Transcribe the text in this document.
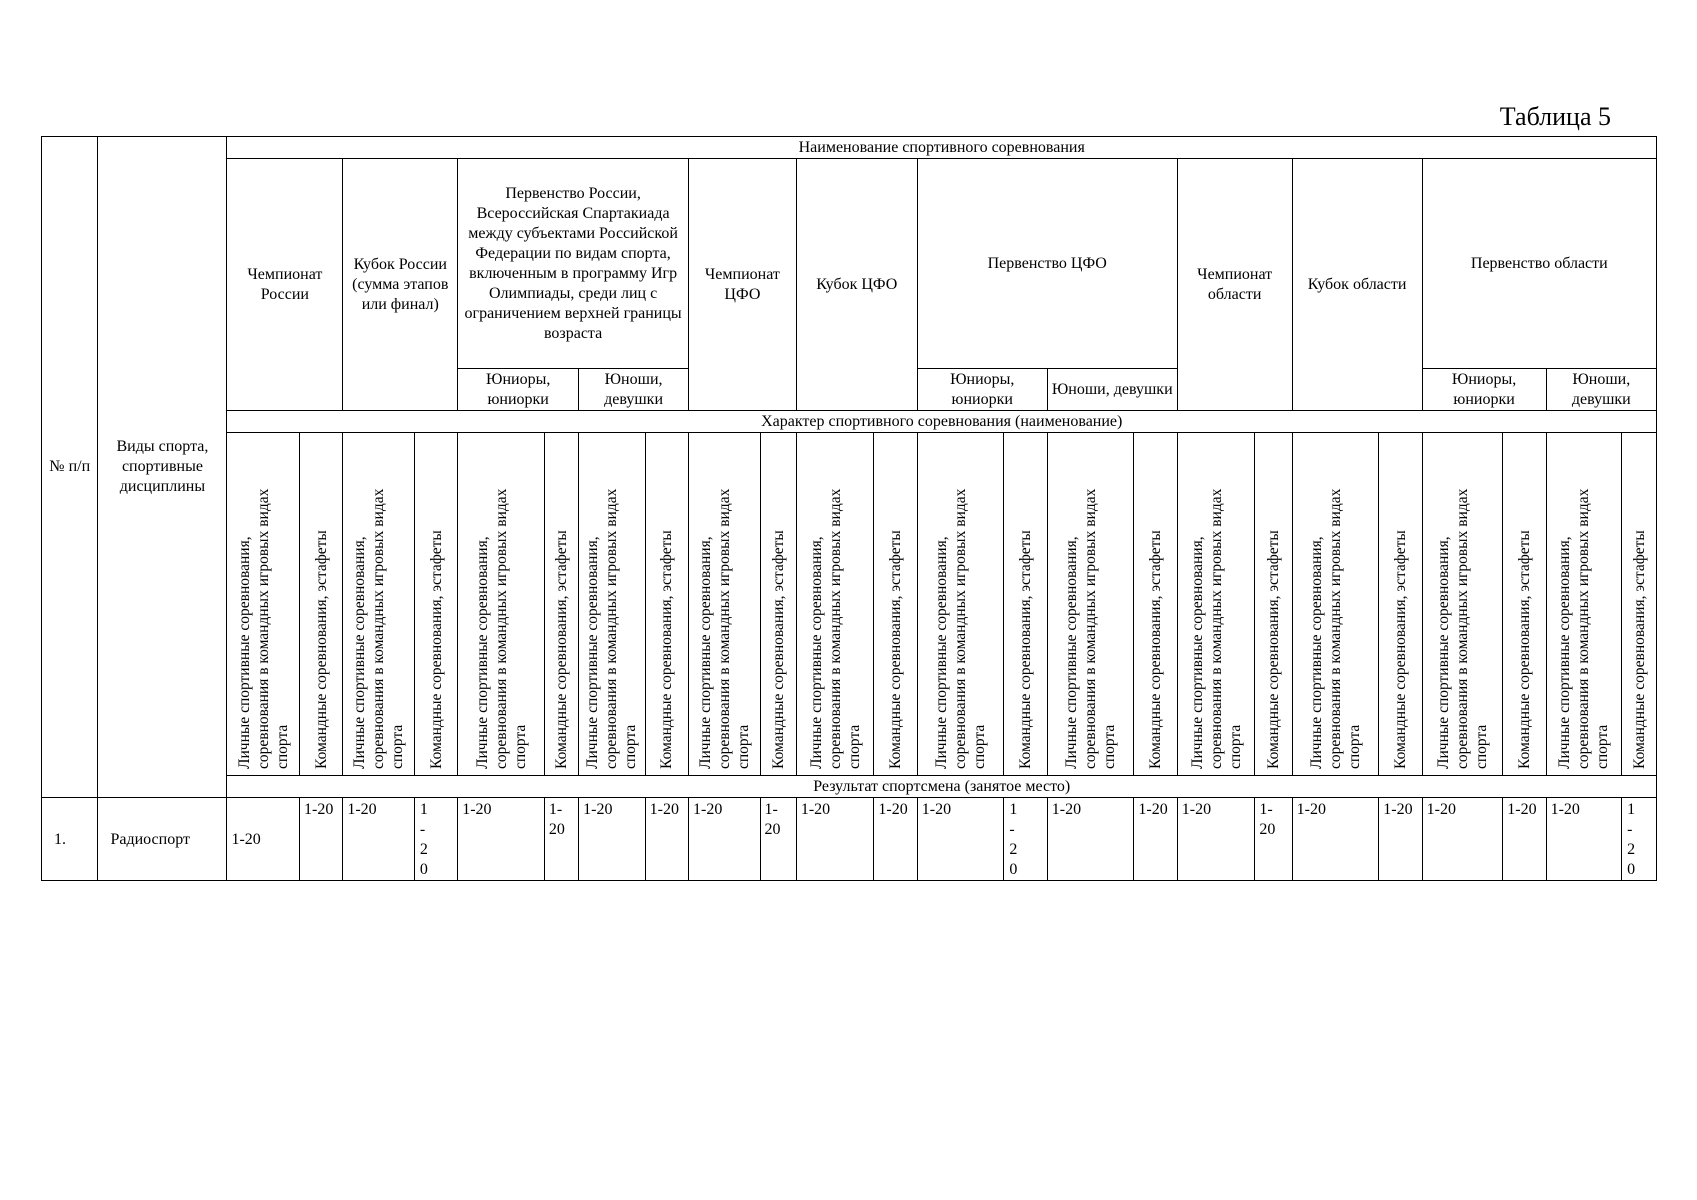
Таблица 5
№ п/п	Виды спорта, спортивные дисциплины	Наименование спортивного соревнования																							
		Чемпионат России		Кубок России (сумма этапов или финал)		Первенство России, Всероссийская Спартакиада между субъектами Российской Федерации по видам спорта, включенным в программу Игр Олимпиады, среди лиц с ограничением верхней границы возраста				Чемпионат ЦФО		Кубок ЦФО		Первенство ЦФО				Чемпионат области		Кубок области		Первенство области			
						Юниоры, юниорки		Юноши, девушки						Юниоры, юниорки		Юноши, девушки						Юниоры, юниорки		Юноши, девушки	
		Характер спортивного соревнования (наименование)																							
		Личные спортивные соревнования, соревнования в командных игровых видах спорта	Командные соревнования, эстафеты	Личные спортивные соревнования, соревнования в командных игровых видах спорта	Командные соревнования, эстафеты	Личные спортивные соревнования, соревнования в командных игровых видах спорта	Командные соревнования, эстафеты	Личные спортивные соревнования, соревнования в командных игровых видах спорта	Командные соревнования, эстафеты	Личные спортивные соревнования, соревнования в командных игровых видах спорта	Командные соревнования, эстафеты	Личные спортивные соревнования, соревнования в командных игровых видах спорта	Командные соревнования, эстафеты	Личные спортивные соревнования, соревнования в командных игровых видах спорта	Командные соревнования, эстафеты	Личные спортивные соревнования, соревнования в командных игровых видах спорта	Командные соревнования, эстафеты	Личные спортивные соревнования, соревнования в командных игровых видах спорта	Командные соревнования, эстафеты	Личные спортивные соревнования, соревнования в командных игровых видах спорта	Командные соревнования, эстафеты	Личные спортивные соревнования, соревнования в командных игровых видах спорта	Командные соревнования, эстафеты	Личные спортивные соревнования, соревнования в командных игровых видах спорта	Командные соревнования, эстафеты
		Результат спортсмена (занятое место)																							
1.	Радиоспорт	1-20	1-20	1-20	1-20	1-20	1-20	1-20	1-20	1-20	1-20	1-20	1-20	1-20	1-20	1-20	1-20	1-20	1-20	1-20	1-20	1-20	1-20	1-20	1-20
